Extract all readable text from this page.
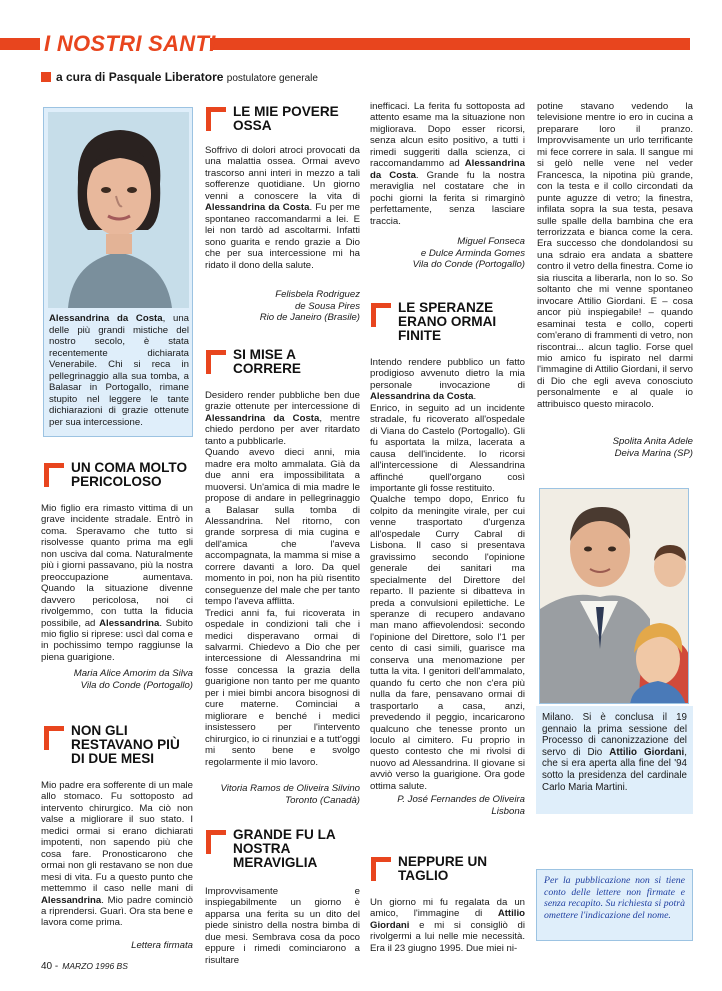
I NOSTRI SANTI
a cura di Pasquale Liberatore postulatore generale
Alessandrina da Costa, una delle più grandi mistiche del nostro secolo, è stata recentemente dichiarata Venerabile. Chi si reca in pellegrinaggio alla sua tomba, a Balasar in Portogallo, rimane stupito nel leggere le tante dichiarazioni di grazie ottenute per sua intercessione.
UN COMA MOLTO PERICOLOSO
Mio figlio era rimasto vittima di un grave incidente stradale. Entrò in coma. Speravamo che tutto si risolvesse quanto prima ma egli non usciva dal coma. Naturalmente più i giorni passavano, più la nostra preoccupazione aumentava. Quando la situazione divenne davvero pericolosa, noi ci rivolgemmo, con tutta la fiducia possibile, ad Alessandrina. Subito mio figlio si riprese: uscì dal coma e in pochissimo tempo raggiunse la piena guarigione.
Maria Alice Amorim da Silva
Vila do Conde (Portogallo)
NON GLI RESTAVANO PIÙ DI DUE MESI
Mio padre era sofferente di un male allo stomaco. Fu sottoposto ad intervento chirurgico. Ma ciò non valse a migliorare il suo stato. I medici ormai si erano dichiarati impotenti, non sapendo più che cosa fare. Pronosticarono che ormai non gli restavano se non due mesi di vita. Fu a questo punto che mettemmo il caso nelle mani di Alessandrina. Mio padre cominciò a riprendersi. Guarì. Ora sta bene e lavora come prima.
Lettera firmata
LE MIE POVERE OSSA
Soffrivo di dolori atroci provocati da una malattia ossea. Ormai avevo trascorso anni interi in mezzo a tali sofferenze quotidiane. Un giorno venni a conoscere la vita di Alessandrina da Costa. Fu per me spontaneo raccomandarmi a lei. E lei non tardò ad ascoltarmi. Infatti sono guarita e rendo grazie a Dio che per sua intercessione mi ha ridato il dono della salute.
Felisbela Rodriguez
de Sousa Pires
Rio de Janeiro (Brasile)
SI MISE A CORRERE
Desidero render pubbliche ben due grazie ottenute per intercessione di Alessandrina da Costa, mentre chiedo perdono per aver ritardato tanto a pubblicarle.
Quando avevo dieci anni, mia madre era molto ammalata. Già da due anni era impossibilitata a muoversi. Un'amica di mia madre le propose di andare in pellegrinaggio a Balasar sulla tomba di Alessandrina. Nel ritorno, con grande sorpresa di mia cugina e dell'amica che l'aveva accompagnata, la mamma si mise a correre davanti a loro. Da quel momento in poi, non ha più risentito conseguenze del male che per tanto tempo l'aveva afflitta.
Tredici anni fa, fui ricoverata in ospedale in condizioni tali che i medici disperavano ormai di salvarmi. Chiedevo a Dio che per intercessione di Alessandrina mi fosse concessa la grazia della guarigione non tanto per me quanto per i miei bimbi ancora bisognosi di cure materne. Cominciai a migliorare e benché i medici insistessero per l'intervento chirurgico, io ci rinunziai e a tutt'oggi mi sento bene e svolgo regolarmente il mio lavoro.
Vitoria Ramos de Oliveira Silvino
Toronto (Canadà)
GRANDE FU LA NOSTRA MERAVIGLIA
Improvvisamente e inspiegabilmente un giorno è apparsa una ferita su un dito del piede sinistro della nostra bimba di due mesi. Sembrava cosa da poco eppure i rimedi cominciarono a risultare
inefficaci. La ferita fu sottoposta ad attento esame ma la situazione non migliorava. Dopo esser ricorsi, senza alcun esito positivo, a tutti i rimedi suggeriti dalla scienza, ci raccomandammo ad Alessandrina da Costa. Grande fu la nostra meraviglia nel costatare che in pochi giorni la ferita si rimarginò perfettamente, senza lasciare traccia.
Miguel Fonseca
e Dulce Arminda Gomes
Vila do Conde (Portogallo)
LE SPERANZE ERANO ORMAI FINITE
Intendo rendere pubblico un fatto prodigioso avvenuto dietro la mia personale invocazione di Alessandrina da Costa.
Enrico, in seguito ad un incidente stradale, fu ricoverato all'ospedale di Viana do Castelo (Portogallo). Gli fu asportata la milza, lacerata a causa dell'incidente. Io ricorsi all'intercessione di Alessandrina affinché quell'organo così importante gli fosse restituito.
Qualche tempo dopo, Enrico fu colpito da meningite virale, per cui venne trasportato d'urgenza all'ospedale Curry Cabral di Lisbona. Il caso si presentava gravissimo secondo l'opinione generale dei sanitari ma specialmente del Direttore del reparto. Il paziente si dibatteva in preda a convulsioni epilettiche. Le speranze di recupero andavano man mano affievolendosi: secondo l'opinione del Direttore, solo l'1 per cento di casi simili, guarisce ma conserva una menomazione per tutta la vita. I genitori dell'ammalato, quando fu certo che non c'era più nulla da fare, pensavano ormai di trasportarlo a casa, anzi, prevedendo il peggio, incaricarono qualcuno che tenesse pronto un loculo al cimitero. Fu proprio in questo contesto che mi rivolsi di nuovo ad Alessandrina. Il giovane si avviò verso la guarigione. Ora gode ottima salute.
P. José Fernandes de Oliveira
Lisbona
NEPPURE UN TAGLIO
Un giorno mi fu regalata da un amico, l'immagine di Attilio Giordani e mi si consigliò di rivolgermi a lui nelle mie necessità. Era il 23 giugno 1995. Due miei ni-
potine stavano vedendo la televisione mentre io ero in cucina a preparare loro il pranzo. Improvvisamente un urlo terrificante mi fece correre in sala. Il sangue mi si gelò nelle vene nel veder Francesca, la nipotina più grande, con la testa e il collo circondati da punte aguzze di vetro; la finestra, infilata sopra la sua testa, pesava sulle spalle della bambina che era terrorizzata e bianca come la cera. Era successo che dondolandosi su una sdraio era andata a sbattere contro il vetro della finestra. Come io sia riuscita a liberarla, non lo so. So soltanto che mi venne spontaneo invocare Attilio Giordani. E – cosa ancor più inspiegabile! – quando esaminai testa e collo, coperti com'erano di frammenti di vetro, non riscontrai... alcun taglio. Forse quel mio amico fu ispirato nel darmi l'immagine di Attilio Giordani, il servo di Dio che egli aveva conosciuto personalmente e al quale io attribuisco questo miracolo.
Spolita Anita Adele
Deiva Marina (SP)
Milano. Si è conclusa il 19 gennaio la prima sessione del Processo di canonizzazione del servo di Dio Attilio Giordani, che si era aperta alla fine del '94 sotto la presidenza del cardinale Carlo Maria Martini.
Per la pubblicazione non si tiene conto delle lettere non firmate e senza recapito. Su richiesta si potrà omettere l'indicazione del nome.
40 - MARZO 1996 BS
